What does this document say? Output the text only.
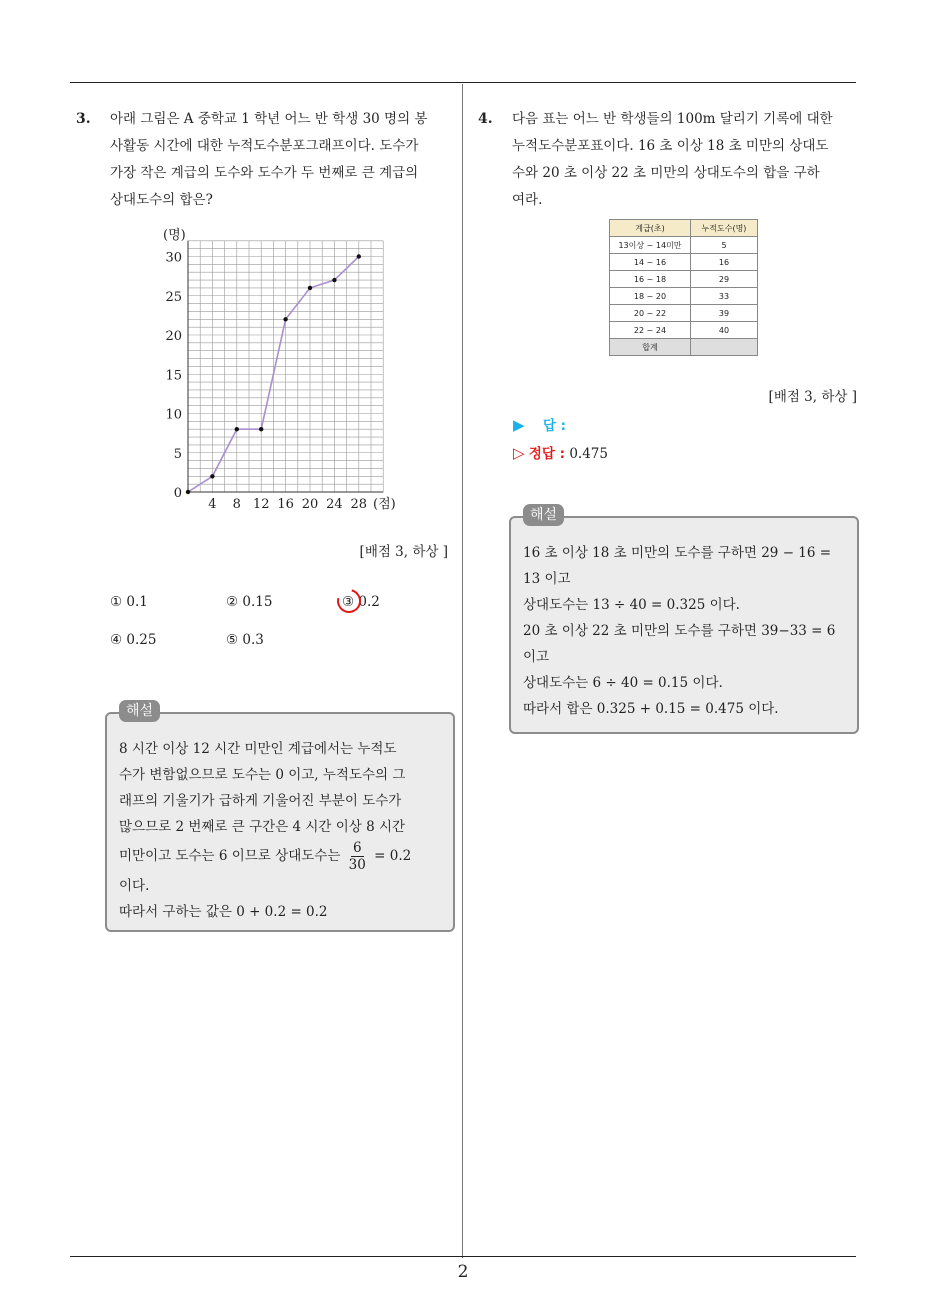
3. 아래 그림은 A 중학교 1 학년 어느 반 학생 30 명의 봉
사활동 시간에 대한 누적도수분포그래프이다. 도수가
가장 작은 계급의 도수와 도수가 두 번째로 큰 계급의
상대도수의 합은?
0
5
10
15
20
25
30
4 8 12 16 20 24 28
(명)
(점)
[배점 3, 하상 ]
① 0.1	② 0.15	③ 0.2
④ 0.25	⑤ 0.3
해설
8 시간 이상 12 시간 미만인 계급에서는 누적도
수가 변함없으므로 도수는 0 이고, 누적도수의 그
래프의 기울기가 급하게 기울어진 부분이 도수가
많으므로 2 번째로 큰 구간은 4 시간 이상 8 시간
미만이고 도수는 6 이므로 상대도수는 $\frac{6}{30} = 0.2$
이다.
따라서 구하는 값은 0 + 0.2 = 0.2
4. 다음 표는 어느 반 학생들의 100m 달리기 기록에 대한
누적도수분포표이다. 16 초 이상 18 초 미만의 상대도
수와 20 초 이상 22 초 미만의 상대도수의 합을 구하
여라.
계급(초)	누적도수(명)
13이상 ~ 14미만	5
14 ~ 16	16
16 ~ 18	29
18 ~ 20	33
20 ~ 22	39
22 ~ 24	40
합계	
[배점 3, 하상 ]
▶ 답 :
▷ 정답 : 0.475
해설
16 초 이상 18 초 미만의 도수를 구하면 29 − 16 =
13 이고
상대도수는 13 ÷ 40 = 0.325 이다.
20 초 이상 22 초 미만의 도수를 구하면 39−33 = 6
이고
상대도수는 6 ÷ 40 = 0.15 이다.
따라서 합은 0.325 + 0.15 = 0.475 이다.
2
